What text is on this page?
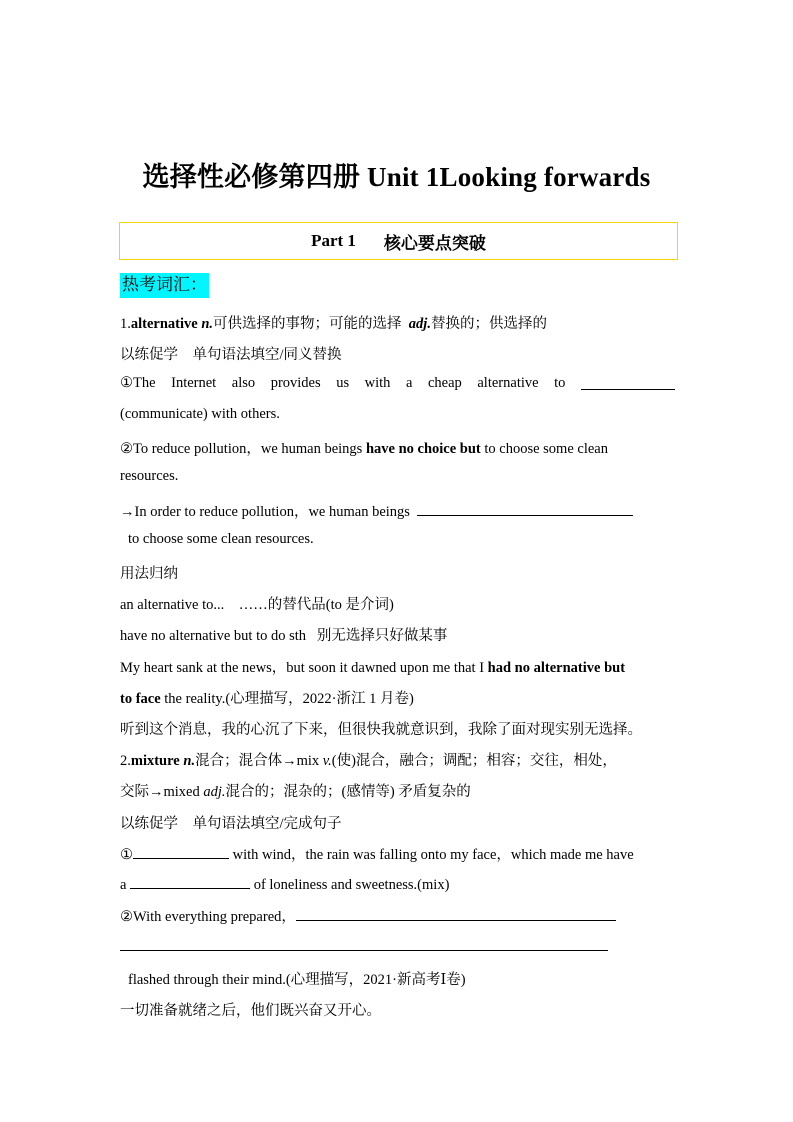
选择性必修第四册 Unit 1Looking forwards
Part 1 核心要点突破
热考词汇：
1.alternative n.可供选择的事物；可能的选择 adj.替换的；供选择的
以练促学　单句语法填空/同义替换
①The Internet also provides us with a cheap alternative to
(communicate) with others.
②To reduce pollution，we human beings have no choice but to choose some clean
resources.
→In order to reduce pollution，we human beings
to choose some clean resources.
用法归纳
an alternative to... ……的替代品(to 是介词)
have no alternative but to do sth 别无选择只好做某事
My heart sank at the news，but soon it dawned upon me that I had no alternative but
to face the reality.(心理描写，2022·浙江 1 月卷)
听到这个消息，我的心沉了下来，但很快我就意识到，我除了面对现实别无选择。
2.mixture n.混合；混合体→mix v.(使)混合，融合；调配；相容；交往，相处，
交际→mixed adj.混合的；混杂的；(感情等) 矛盾复杂的
以练促学　单句语法填空/完成句子
①	with wind，the rain was falling onto my face，which made me have
a	of loneliness and sweetness.(mix)
②With everything prepared，
flashed through their mind.(心理描写，2021·新高考Ⅰ卷)
一切准备就绪之后，他们既兴奋又开心。
